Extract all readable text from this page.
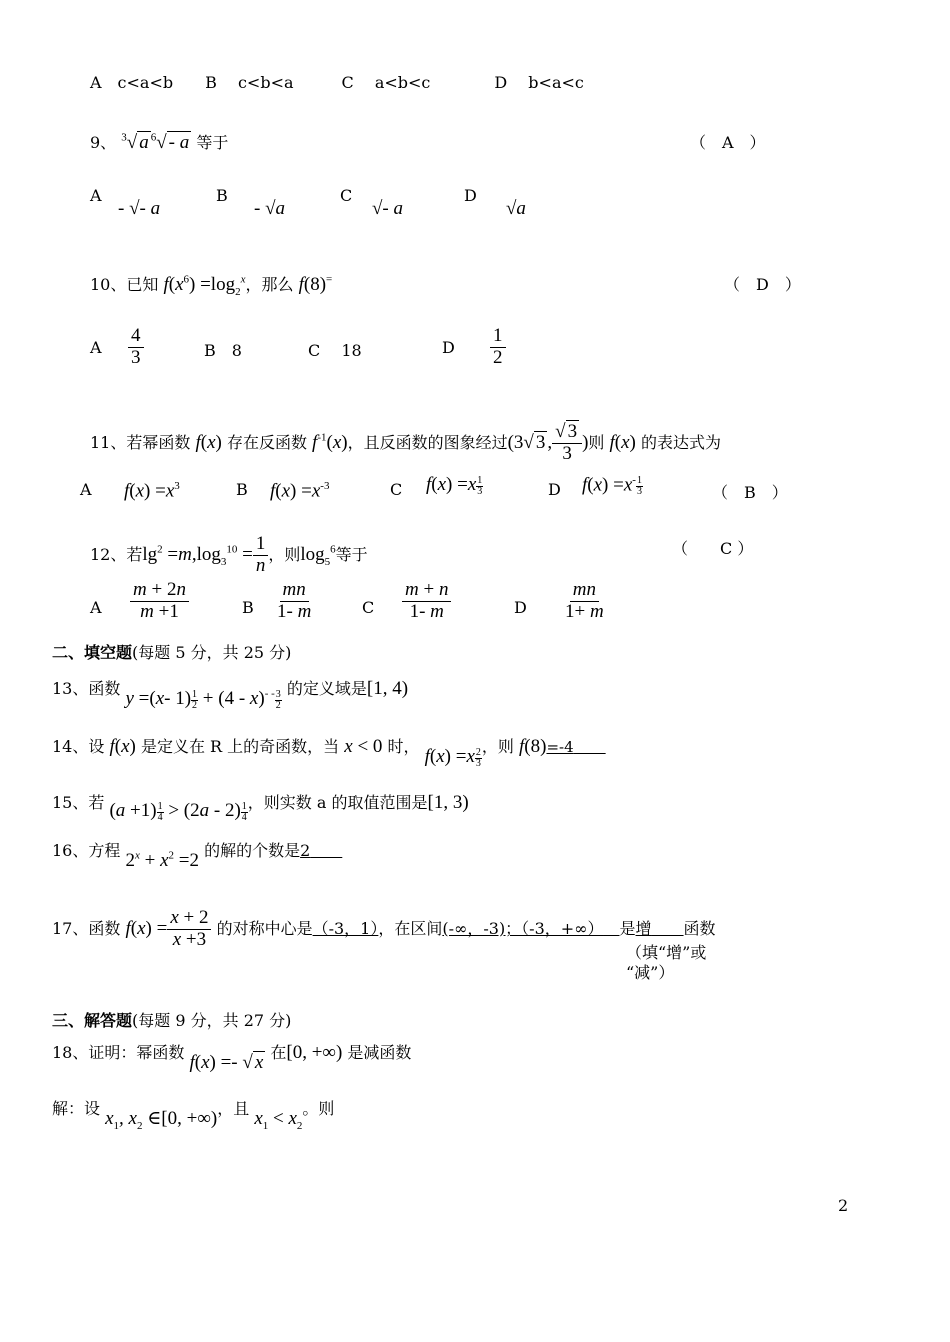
A　c<a<b　　B　 c<b<a　　　C　 a<b<c　　　　D　 b<a<c
9、 $^3$√ a $^6$√ - a 等于	（　A　）
A
- √- a
B
- √a
C
√- a
D
√a
10、已知 $f(x^6) =\log_2^x$，那么 f(8)=	（　D　）
A $\frac{4}{3}$	B　8	C　 18	D $\frac{1}{2}$
11、若幂函数 f(x) 存在反函数 $f^{-1}(x)$，且反函数的图象经过(3√ 3 , $\frac{√ 3}{3}$ )则 f(x) 的表达式为
A $f(x) =x^3$	B $f(x) =x^{-3}$	C $f(x) =x \frac{1}{3}$	D $f(x) =x^- \frac{1}{3}$	（　B　）
12、若$\lg^2 =m,\log_3^{10} = \frac{1}{n}$ ，则$\log_5^6$等于	（　　C ）
A $\frac{m + 2n}{m +1}$	B $\frac{mn}{1- m}$	C $\frac{m + n}{1- m}$	D $\frac{mn}{1+ m}$
二、填空题(每题 5 分，共 25 分)
13、函数 y =(x- $1) \frac{1}{2} + (4 - x)^{- -} \frac{3}{2}$
的定义域是[1, 4)
14、设 f(x) 是定义在 R 上的奇函数，当 x < 0 时， $f(x) =x \frac{2}{3}$
，则 f(8)=-4  
15、若 $(a +1) \frac{1}{4} > (2a - 2) \frac{1}{4}$ ，则实数 a 的取值范围是[1, 3)
16、方程 $2^x + x^2 =2$ 的解的个数是2  
17、函数 $f(x) = \frac{x + 2}{x +3}$ 的对称中心是（-3，1），在区间(-∞，-3)；（-3，+∞）  是增   函数
（填“增”或
“减”）
三、解答题(每题 9 分，共 27 分)
18、证明：幂函数 f(x) =- √ x 在[0, +∞) 是减函数
解：设 $x_1$, $x_2$ ∈[0, +∞)，且 $x_1 < x_2$。则
2
